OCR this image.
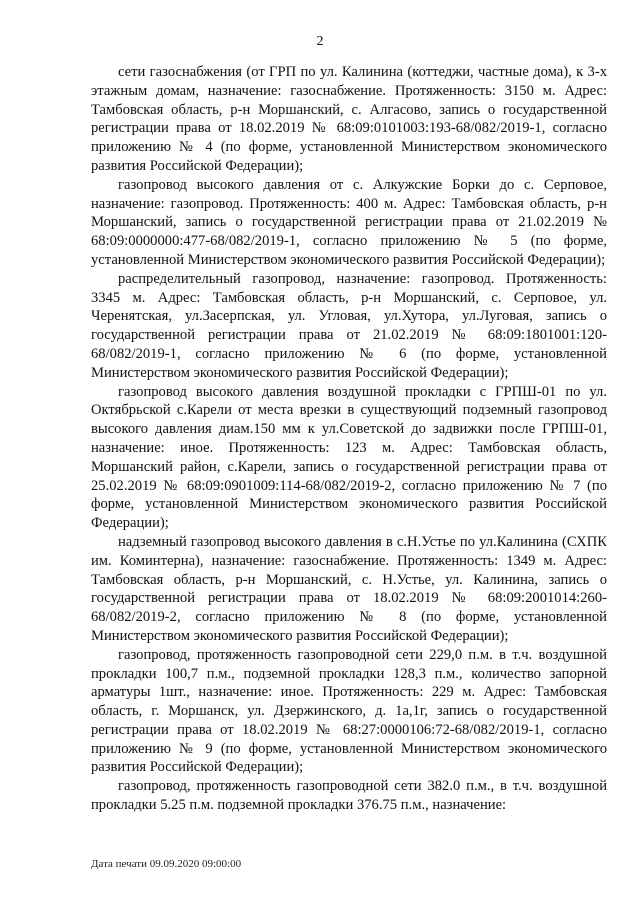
2

сети газоснабжения (от ГРП по ул. Калинина (коттеджи, частные дома), к 3-х этажным домам, назначение: газоснабжение. Протяженность: 3150 м. Адрес: Тамбовская область, р-н Моршанский, с. Алгасово, запись о государственной регистрации права от 18.02.2019 № 68:09:0101003:193-68/082/2019-1, согласно приложению № 4 (по форме, установленной Министерством экономического развития Российской Федерации);

газопровод высокого давления от с. Алкужские Борки до с. Серповое, назначение: газопровод. Протяженность: 400 м. Адрес: Тамбовская область, р-н Моршанский, запись о государственной регистрации права от 21.02.2019 № 68:09:0000000:477-68/082/2019-1, согласно приложению № 5 (по форме, установленной Министерством экономического развития Российской Федерации);

распределительный газопровод, назначение: газопровод. Протяженность: 3345 м. Адрес: Тамбовская область, р-н Моршанский, с. Серповое, ул. Черенятская, ул.Засерпская, ул. Угловая, ул.Хутора, ул.Луговая, запись о государственной регистрации права от 21.02.2019 № 68:09:1801001:120-68/082/2019-1, согласно приложению № 6 (по форме, установленной Министерством экономического развития Российской Федерации);

газопровод высокого давления воздушной прокладки с ГРПШ-01 по ул. Октябрьской с.Карели от места врезки в существующий подземный газопровод высокого давления диам.150 мм к ул.Советской до задвижки после ГРПШ-01, назначение: иное. Протяженность: 123 м. Адрес: Тамбовская область, Моршанский район, с.Карели, запись о государственной регистрации права от 25.02.2019 № 68:09:0901009:114-68/082/2019-2, согласно приложению № 7 (по форме, установленной Министерством экономического развития Российской Федерации);

надземный газопровод высокого давления в с.Н.Устье по ул.Калинина (СХПК им. Коминтерна), назначение: газоснабжение. Протяженность: 1349 м. Адрес: Тамбовская область, р-н Моршанский, с. Н.Устье, ул. Калинина, запись о государственной регистрации права от 18.02.2019 № 68:09:2001014:260-68/082/2019-2, согласно приложению № 8 (по форме, установленной Министерством экономического развития Российской Федерации);

газопровод, протяженность газопроводной сети 229,0 п.м. в т.ч. воздушной прокладки 100,7 п.м., подземной прокладки 128,3 п.м., количество запорной арматуры 1шт., назначение: иное. Протяженность: 229 м. Адрес: Тамбовская область, г. Моршанск, ул. Дзержинского, д. 1а,1г, запись о государственной регистрации права от 18.02.2019 № 68:27:0000106:72-68/082/2019-1, согласно приложению № 9 (по форме, установленной Министерством экономического развития Российской Федерации);

газопровод, протяженность газопроводной сети 382.0 п.м., в т.ч. воздушной прокладки 5.25 п.м. подземной прокладки 376.75 п.м., назначение:

Дата печати 09.09.2020 09:00:00
